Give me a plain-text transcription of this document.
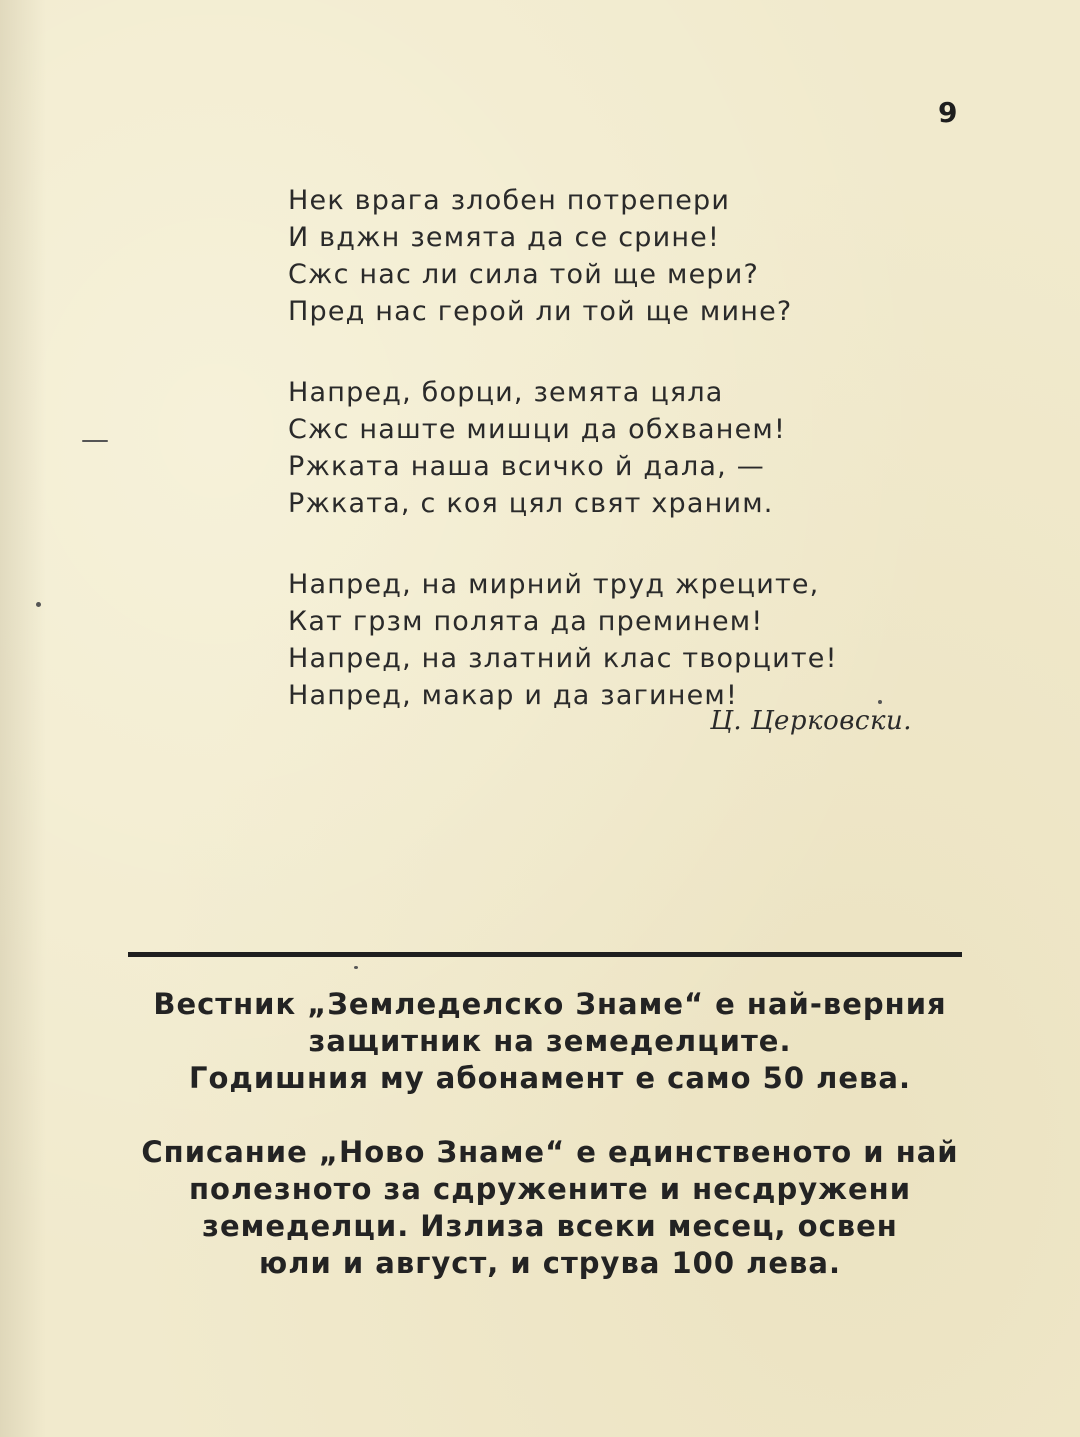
9
Нек врага злобен потрепери
И вджн земята да се срине!
Сжс нас ли сила той ще мери?
Пред нас герой ли той ще мине?
Напред, борци, земята цяла
Сжс наште мишци да обхванем!
Ржката наша всичко й дала, —
Ржката, с коя цял свят храним.
Напред, на мирний труд жреците,
Кат грзм полята да преминем!
Напред, на златний клас творците!
Напред, макар и да загинем!
Ц. Церковски.
Вестник „Земледелско Знаме“ е най-верния
защитник на земеделците.
Годишния му абонамент е само 50 лева.
Списание „Ново Знаме“ е единственото и най
полезното за сдружените и несдружени
земеделци. Излиза всеки месец, освен
юли и август, и струва 100 лева.
